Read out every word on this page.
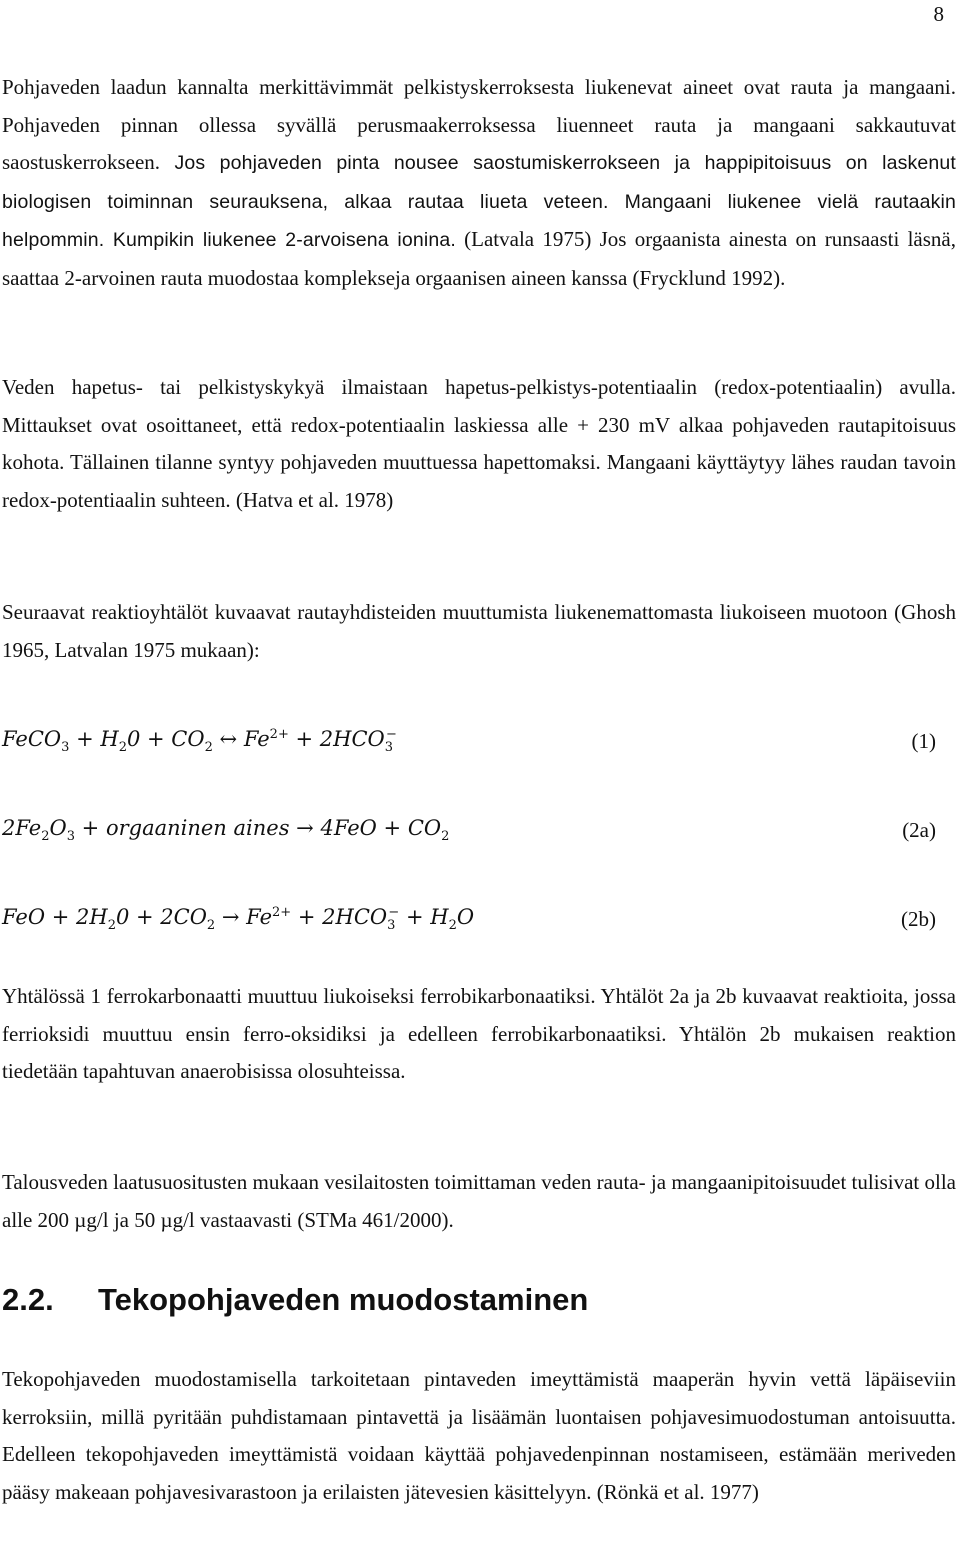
8

Pohjaveden laadun kannalta merkittävimmät pelkistyskerroksesta liukenevat aineet ovat rauta ja mangaani. Pohjaveden pinnan ollessa syvällä perusmaakerroksessa liuenneet rauta ja mangaani sakkautuvat saostuskerrokseen. Jos pohjaveden pinta nousee saostumiskerrokseen ja happipitoisuus on laskenut biologisen toiminnan seurauksena, alkaa rautaa liueta veteen. Mangaani liukenee vielä rautaakin helpommin. Kumpikin liukenee 2-arvoisena ionina. (Latvala 1975) Jos orgaanista ainesta on runsaasti läsnä, saattaa 2-arvoinen rauta muodostaa komplekseja orgaanisen aineen kanssa (Frycklund 1992).

Veden hapetus- tai pelkistyskykyä ilmaistaan hapetus-pelkistys-potentiaalin (redox-potentiaalin) avulla. Mittaukset ovat osoittaneet, että redox-potentiaalin laskiessa alle + 230 mV alkaa pohjaveden rautapitoisuus kohota. Tällainen tilanne syntyy pohjaveden muuttuessa hapettomaksi. Mangaani käyttäytyy lähes raudan tavoin redox-potentiaalin suhteen. (Hatva et al. 1978)

Seuraavat reaktioyhtälöt kuvaavat rautayhdisteiden muuttumista liukenemattomasta liukoiseen muotoon (Ghosh 1965, Latvalan 1975 mukaan):

FeCO$_3$ + $H_20 + CO_2$ ↔ $Fe^{2+} + 2HCO_3^-$	(1)
$2Fe_2O_3$ + orgaaninen aines → $4FeO + CO_2$	(2a)
FeO + $2H_20 + 2CO_2 \to Fe^{2+} + 2HCO_3^- + H_2O$	(2b)

Yhtälössä 1 ferrokarbonaatti muuttuu liukoiseksi ferrobikarbonaatiksi. Yhtälöt 2a ja 2b kuvaavat reaktioita, jossa ferrioksidi muuttuu ensin ferro-oksidiksi ja edelleen ferrobikarbonaatiksi. Yhtälön 2b mukaisen reaktion tiedetään tapahtuvan anaerobisissa olosuhteissa.

Talousveden laatusuositusten mukaan vesilaitosten toimittaman veden rauta- ja mangaanipitoisuudet tulisivat olla alle 200 µg/l ja 50 µg/l vastaavasti (STMa 461/2000).

2.2. Tekopohjaveden muodostaminen

Tekopohjaveden muodostamisella tarkoitetaan pintaveden imeyttämistä maaperän hyvin vettä läpäiseviin kerroksiin, millä pyritään puhdistamaan pintavettä ja lisäämän luontaisen pohjavesimuodostuman antoisuutta. Edelleen tekopohjaveden imeyttämistä voidaan käyttää pohjavedenpinnan nostamiseen, estämään meriveden pääsy makeaan pohjavesivarastoon ja erilaisten jätevesien käsittelyyn. (Rönkä et al. 1977)
